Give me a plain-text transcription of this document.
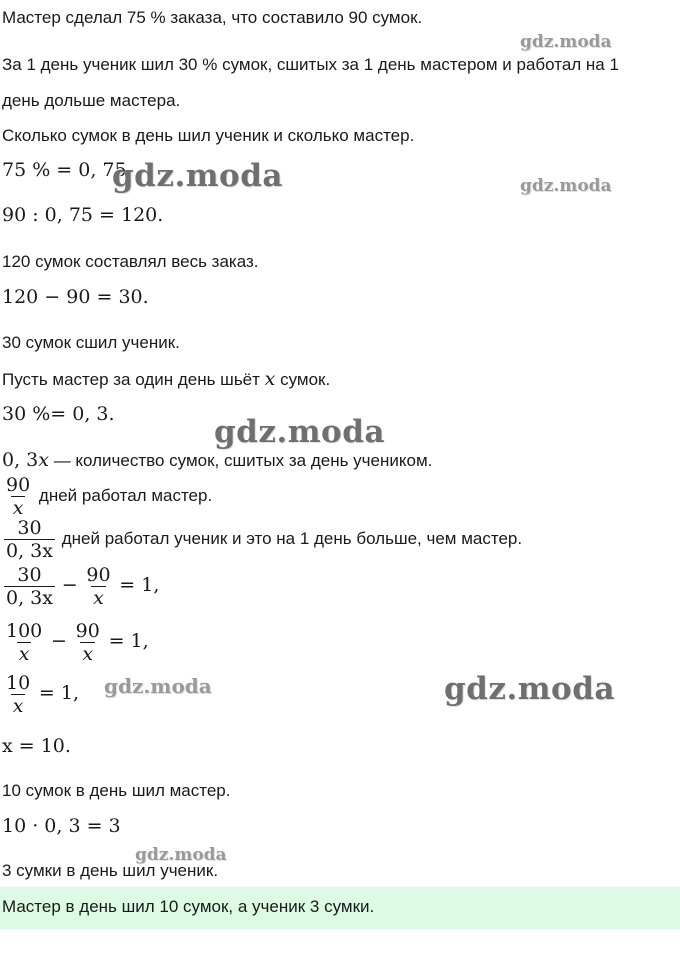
Мастер сделал 75 % заказа, что составило 90 сумок.
За 1 день ученик шил 30 % сумок, сшитых за 1 день мастером и работал на 1
день дольше мастера.
Сколько сумок в день шил ученик и сколько мастер.
75 % = 0, 75.
90 : 0, 75 = 120.
120 сумок составлял весь заказ.
120 − 90 = 30.
30 сумок сшил ученик.
Пусть мастер за один день шьёт x сумок.
30 %= 0, 3.
0, 3x — количество сумок, сшитых за день учеником.
$\frac{90}{x}$ дней работал мастер.
$\frac{30}{0, 3x}$ дней работал ученик и это на 1 день больше, чем мастер.
$\frac{30}{0, 3x} - \frac{90}{x} = 1$,
$\frac{100}{x} - \frac{90}{x} = 1$,
$\frac{10}{x} = 1$,
x = 10.
10 сумок в день шил мастер.
10 · 0, 3 = 3
3 сумки в день шил ученик.
Мастер в день шил 10 сумок, а ученик 3 сумки.
gdz.moda
gdz.moda	gdz.moda
gdz.moda
gdz.moda	gdz.moda
gdz.moda
